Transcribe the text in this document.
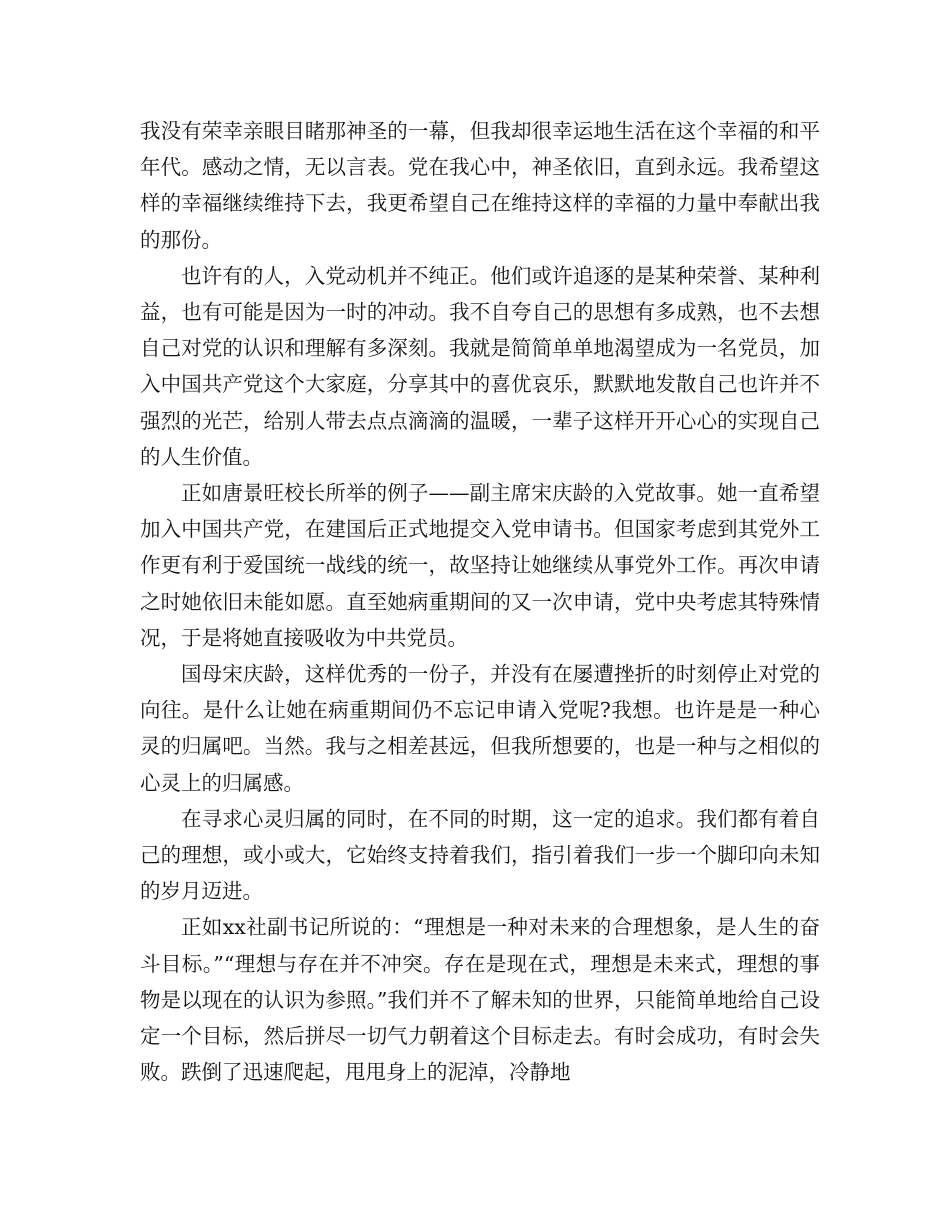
我没有荣幸亲眼目睹那神圣的一幕，但我却很幸运地生活在这个幸福的和平年代。感动之情，无以言表。党在我心中，神圣依旧，直到永远。我希望这样的幸福继续维持下去，我更希望自己在维持这样的幸福的力量中奉献出我的那份。

也许有的人，入党动机并不纯正。他们或许追逐的是某种荣誉、某种利益，也有可能是因为一时的冲动。我不自夸自己的思想有多成熟，也不去想自己对党的认识和理解有多深刻。我就是简简单单地渴望成为一名党员，加入中国共产党这个大家庭，分享其中的喜优哀乐，默默地发散自己也许并不强烈的光芒，给别人带去点点滴滴的温暖，一辈子这样开开心心的实现自己的人生价值。

正如唐景旺校长所举的例子——副主席宋庆龄的入党故事。她一直希望加入中国共产党，在建国后正式地提交入党申请书。但国家考虑到其党外工作更有利于爱国统一战线的统一，故坚持让她继续从事党外工作。再次申请之时她依旧未能如愿。直至她病重期间的又一次申请，党中央考虑其特殊情况，于是将她直接吸收为中共党员。

国母宋庆龄，这样优秀的一份子，并没有在屡遭挫折的时刻停止对党的向往。是什么让她在病重期间仍不忘记申请入党呢?我想。也许是是一种心灵的归属吧。当然。我与之相差甚远，但我所想要的，也是一种与之相似的心灵上的归属感。

在寻求心灵归属的同时，在不同的时期，这一定的追求。我们都有着自己的理想，或小或大，它始终支持着我们，指引着我们一步一个脚印向未知的岁月迈进。

正如xx社副书记所说的：“理想是一种对未来的合理想象，是人生的奋斗目标。”“理想与存在并不冲突。存在是现在式，理想是未来式，理想的事物是以现在的认识为参照。”我们并不了解未知的世界，只能简单地给自己设定一个目标，然后拼尽一切气力朝着这个目标走去。有时会成功，有时会失败。跌倒了迅速爬起，甩甩身上的泥淖，冷静地
